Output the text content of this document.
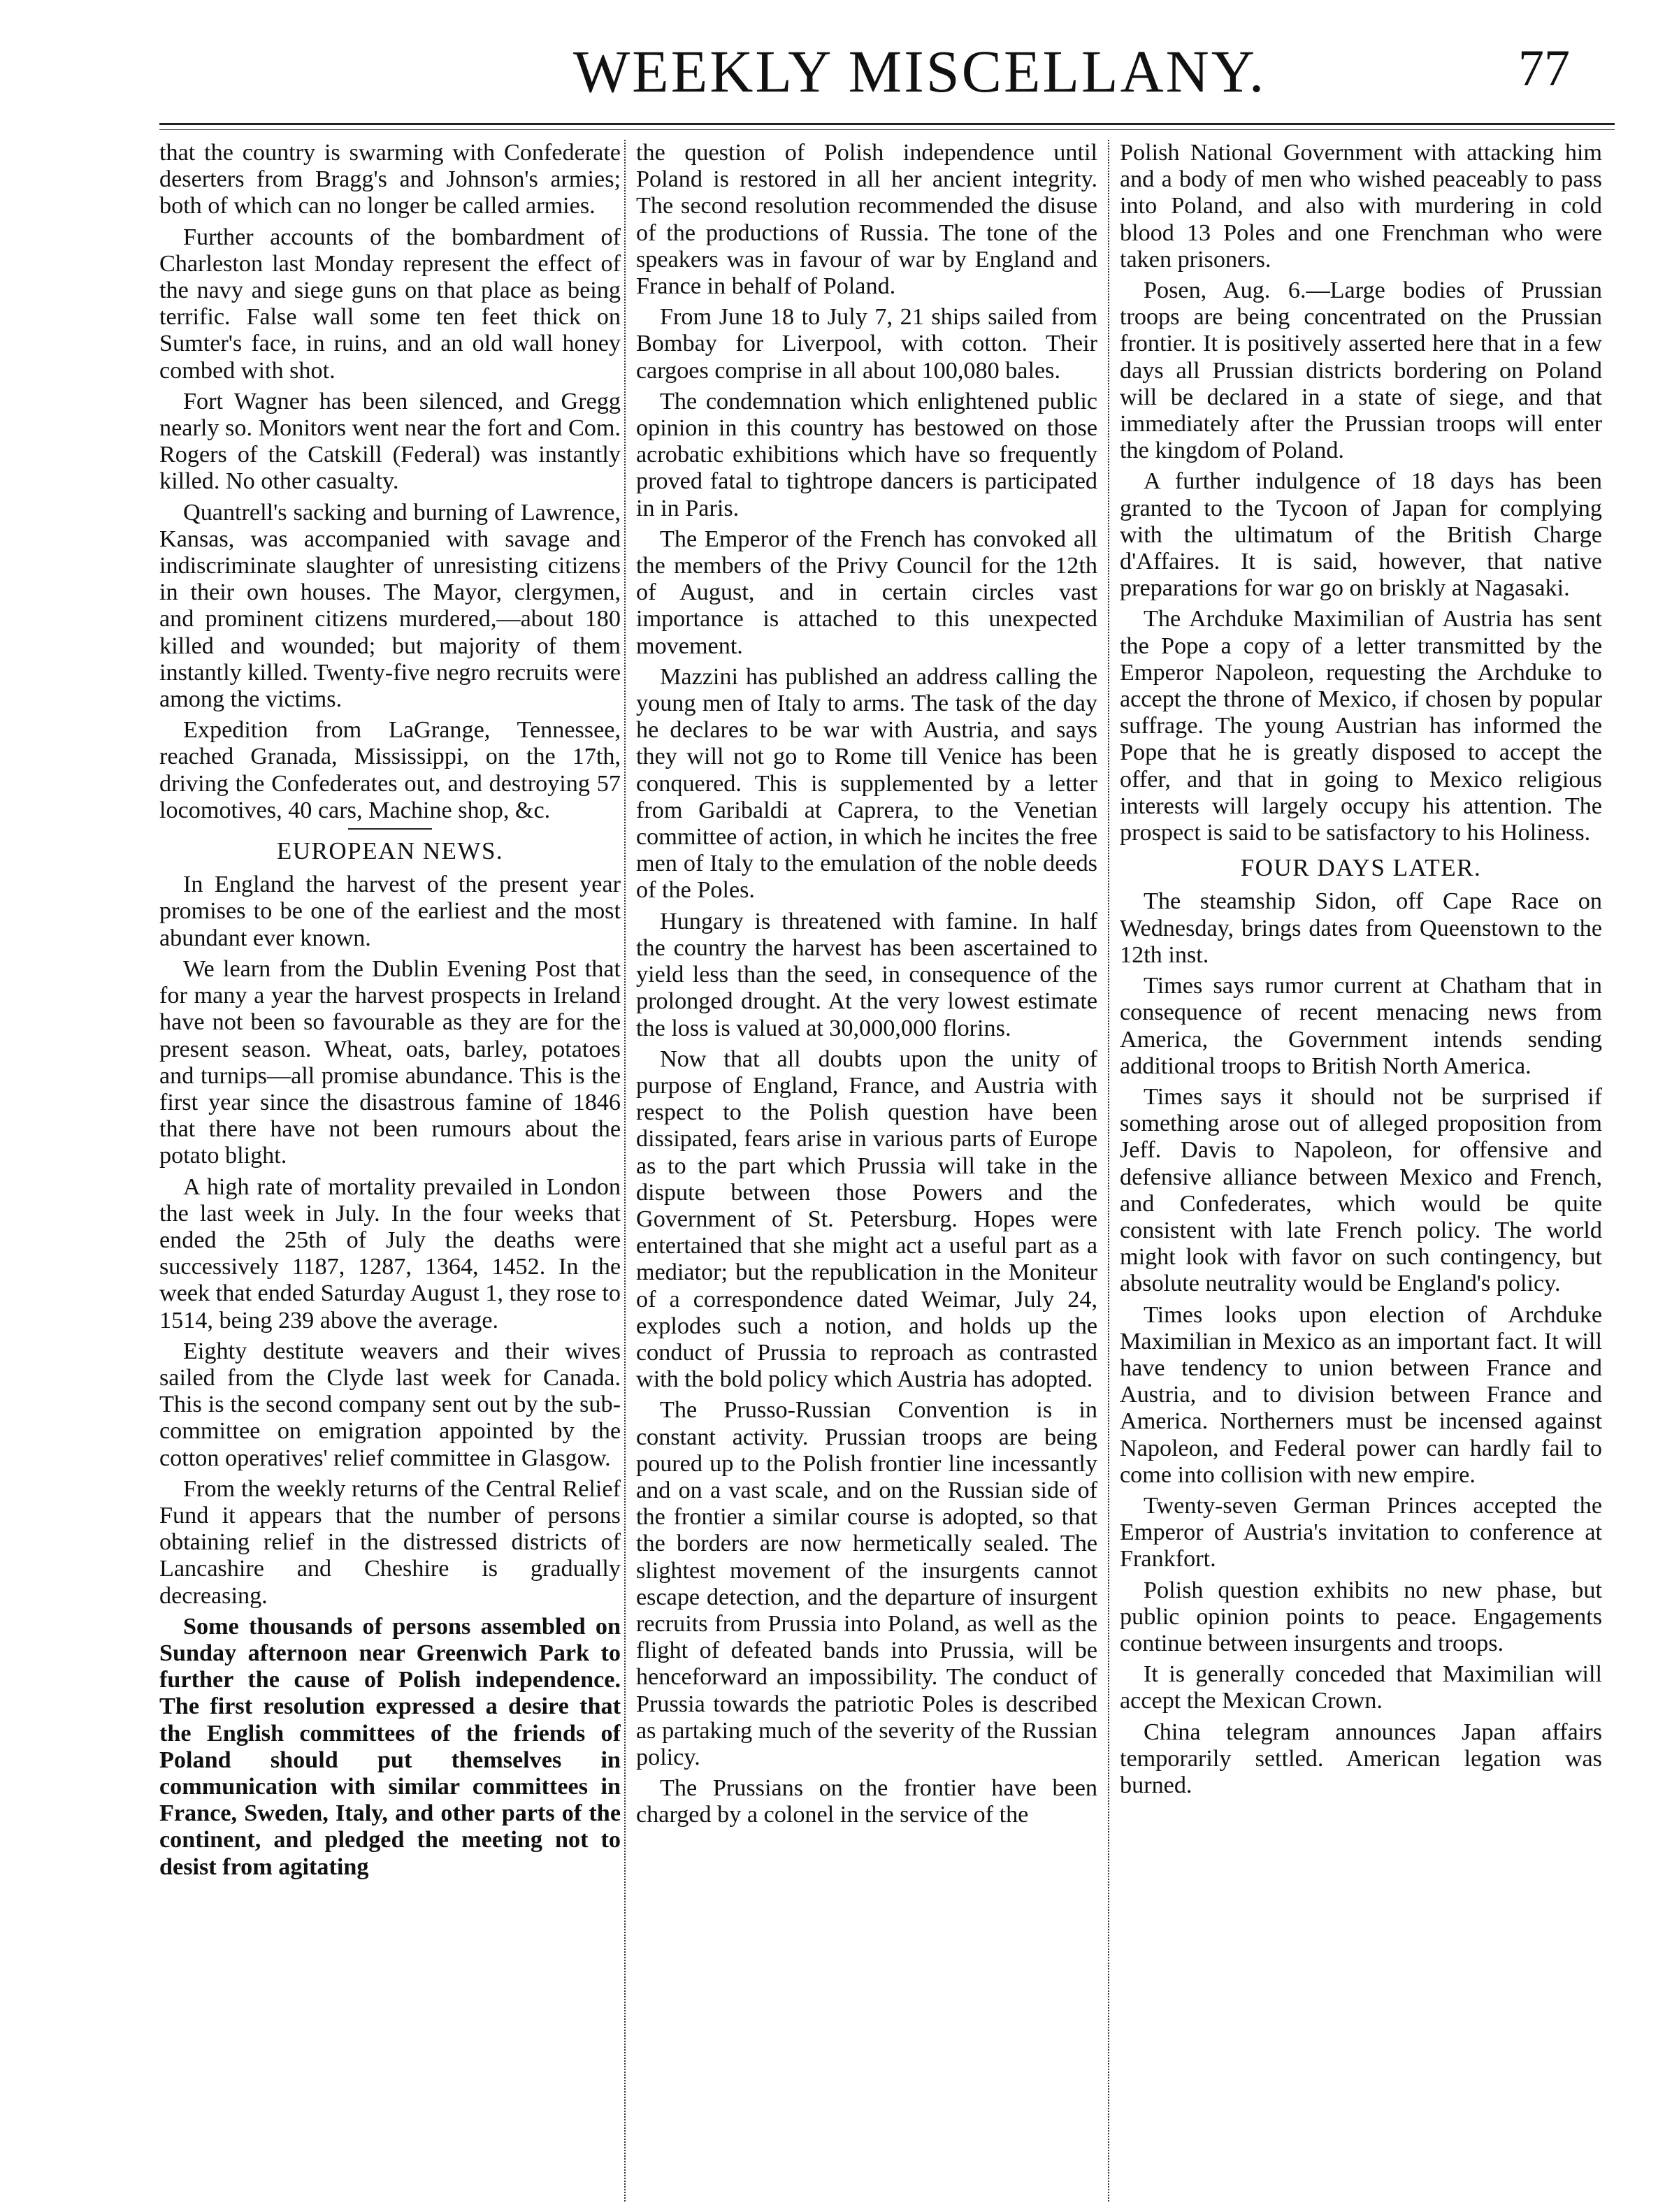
WEEKLY MISCELLANY.	77

that the country is swarming with Confederate deserters from Bragg's and Johnson's armies; both of which can no longer be called armies.

Further accounts of the bombardment of Charleston last Monday represent the effect of the navy and siege guns on that place as being terrific. False wall some ten feet thick on Sumter's face, in ruins, and an old wall honey combed with shot.

Fort Wagner has been silenced, and Gregg nearly so. Monitors went near the fort and Com. Rogers of the Catskill (Federal) was instantly killed. No other casualty.

Quantrell's sacking and burning of Lawrence, Kansas, was accompanied with savage and indiscriminate slaughter of unresisting citizens in their own houses. The Mayor, clergymen, and prominent citizens murdered,—about 180 killed and wounded; but majority of them instantly killed. Twenty-five negro recruits were among the victims.

Expedition from LaGrange, Tennessee, reached Granada, Mississippi, on the 17th, driving the Confederates out, and destroying 57 locomotives, 40 cars, Machine shop, &c.

EUROPEAN NEWS.

In England the harvest of the present year promises to be one of the earliest and the most abundant ever known.

We learn from the Dublin Evening Post that for many a year the harvest prospects in Ireland have not been so favourable as they are for the present season. Wheat, oats, barley, potatoes and turnips—all promise abundance. This is the first year since the disastrous famine of 1846 that there have not been rumours about the potato blight.

A high rate of mortality prevailed in London the last week in July. In the four weeks that ended the 25th of July the deaths were successively 1187, 1287, 1364, 1452. In the week that ended Saturday August 1, they rose to 1514, being 239 above the average.

Eighty destitute weavers and their wives sailed from the Clyde last week for Canada. This is the second company sent out by the sub-committee on emigration appointed by the cotton operatives' relief committee in Glasgow.

From the weekly returns of the Central Relief Fund it appears that the number of persons obtaining relief in the distressed districts of Lancashire and Cheshire is gradually decreasing.

Some thousands of persons assembled on Sunday afternoon near Greenwich Park to further the cause of Polish independence. The first resolution expressed a desire that the English committees of the friends of Poland should put themselves in communication with similar committees in France, Sweden, Italy, and other parts of the continent, and pledged the meeting not to desist from agitating

the question of Polish independence until Poland is restored in all her ancient integrity. The second resolution recommended the disuse of the productions of Russia. The tone of the speakers was in favour of war by England and France in behalf of Poland.

From June 18 to July 7, 21 ships sailed from Bombay for Liverpool, with cotton. Their cargoes comprise in all about 100,080 bales.

The condemnation which enlightened public opinion in this country has bestowed on those acrobatic exhibitions which have so frequently proved fatal to tightrope dancers is participated in in Paris.

The Emperor of the French has convoked all the members of the Privy Council for the 12th of August, and in certain circles vast importance is attached to this unexpected movement.

Mazzini has published an address calling the young men of Italy to arms. The task of the day he declares to be war with Austria, and says they will not go to Rome till Venice has been conquered. This is supplemented by a letter from Garibaldi at Caprera, to the Venetian committee of action, in which he incites the free men of Italy to the emulation of the noble deeds of the Poles.

Hungary is threatened with famine. In half the country the harvest has been ascertained to yield less than the seed, in consequence of the prolonged drought. At the very lowest estimate the loss is valued at 30,000,000 florins.

Now that all doubts upon the unity of purpose of England, France, and Austria with respect to the Polish question have been dissipated, fears arise in various parts of Europe as to the part which Prussia will take in the dispute between those Powers and the Government of St. Petersburg. Hopes were entertained that she might act a useful part as a mediator; but the republication in the Moniteur of a correspondence dated Weimar, July 24, explodes such a notion, and holds up the conduct of Prussia to reproach as contrasted with the bold policy which Austria has adopted.

The Prusso-Russian Convention is in constant activity. Prussian troops are being poured up to the Polish frontier line incessantly and on a vast scale, and on the Russian side of the frontier a similar course is adopted, so that the borders are now hermetically sealed. The slightest movement of the insurgents cannot escape detection, and the departure of insurgent recruits from Prussia into Poland, as well as the flight of defeated bands into Prussia, will be henceforward an impossibility. The conduct of Prussia towards the patriotic Poles is described as partaking much of the severity of the Russian policy.

The Prussians on the frontier have been charged by a colonel in the service of the

Polish National Government with attacking him and a body of men who wished peaceably to pass into Poland, and also with murdering in cold blood 13 Poles and one Frenchman who were taken prisoners.

Posen, Aug. 6.—Large bodies of Prussian troops are being concentrated on the Prussian frontier. It is positively asserted here that in a few days all Prussian districts bordering on Poland will be declared in a state of siege, and that immediately after the Prussian troops will enter the kingdom of Poland.

A further indulgence of 18 days has been granted to the Tycoon of Japan for complying with the ultimatum of the British Charge d'Affaires. It is said, however, that native preparations for war go on briskly at Nagasaki.

The Archduke Maximilian of Austria has sent the Pope a copy of a letter transmitted by the Emperor Napoleon, requesting the Archduke to accept the throne of Mexico, if chosen by popular suffrage. The young Austrian has informed the Pope that he is greatly disposed to accept the offer, and that in going to Mexico religious interests will largely occupy his attention. The prospect is said to be satisfactory to his Holiness.

FOUR DAYS LATER.

The steamship Sidon, off Cape Race on Wednesday, brings dates from Queenstown to the 12th inst.

Times says rumor current at Chatham that in consequence of recent menacing news from America, the Government intends sending additional troops to British North America.

Times says it should not be surprised if something arose out of alleged proposition from Jeff. Davis to Napoleon, for offensive and defensive alliance between Mexico and French, and Confederates, which would be quite consistent with late French policy. The world might look with favor on such contingency, but absolute neutrality would be England's policy.

Times looks upon election of Archduke Maximilian in Mexico as an important fact. It will have tendency to union between France and Austria, and to division between France and America. Northerners must be incensed against Napoleon, and Federal power can hardly fail to come into collision with new empire.

Twenty-seven German Princes accepted the Emperor of Austria's invitation to conference at Frankfort.

Polish question exhibits no new phase, but public opinion points to peace. Engagements continue between insurgents and troops.

It is generally conceded that Maximilian will accept the Mexican Crown.

China telegram announces Japan affairs temporarily settled. American legation was burned.
